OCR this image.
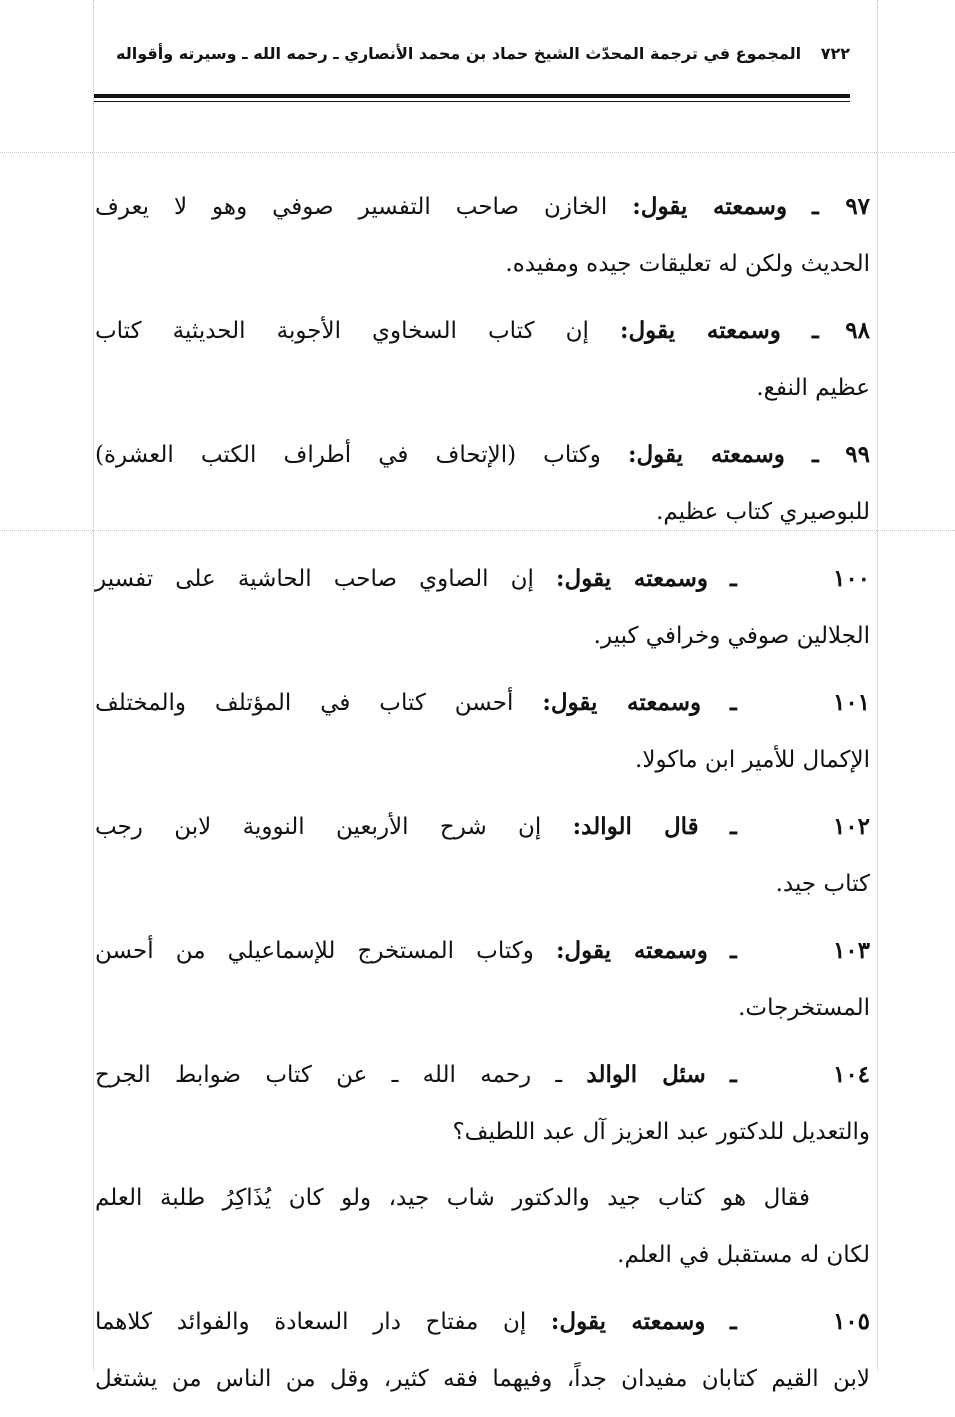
٧٢٢ المجموع في ترجمة المحدّث الشيخ حماد بن محمد الأنصاري ـ رحمه الله ـ وسيرته وأقواله
٩٧ ـ وسمعته يقول: الخازن صاحب التفسير صوفي وهو لا يعرف
الحديث ولكن له تعليقات جيده ومفيده.
٩٨ ـ وسمعته يقول: إن كتاب السخاوي الأجوبة الحديثية كتاب
عظيم النفع.
٩٩ ـ وسمعته يقول: وكتاب (الإتحاف في أطراف الكتب العشرة)
للبوصيري كتاب عظيم.
١٠٠ ـ وسمعته يقول: إن الصاوي صاحب الحاشية على تفسير
الجلالين صوفي وخرافي كبير.
١٠١ ـ وسمعته يقول: أحسن كتاب في المؤتلف والمختلف
الإكمال للأمير ابن ماكولا.
١٠٢ ـ قال الوالد: إن شرح الأربعين النووية لابن رجب
كتاب جيد.
١٠٣ ـ وسمعته يقول: وكتاب المستخرج للإسماعيلي من أحسن
المستخرجات.
١٠٤ ـ سئل الوالد ـ رحمه الله ـ عن كتاب ضوابط الجرح
والتعديل للدكتور عبد العزيز آل عبد اللطيف؟
فقال هو كتاب جيد والدكتور شاب جيد، ولو كان يُذَاكِرُ طلبة العلم
لكان له مستقبل في العلم.
١٠٥ ـ وسمعته يقول: إن مفتاح دار السعادة والفوائد كلاهما
لابن القيم كتابان مفيدان جداً، وفيهما فقه كثير، وقل من الناس من يشتغل
